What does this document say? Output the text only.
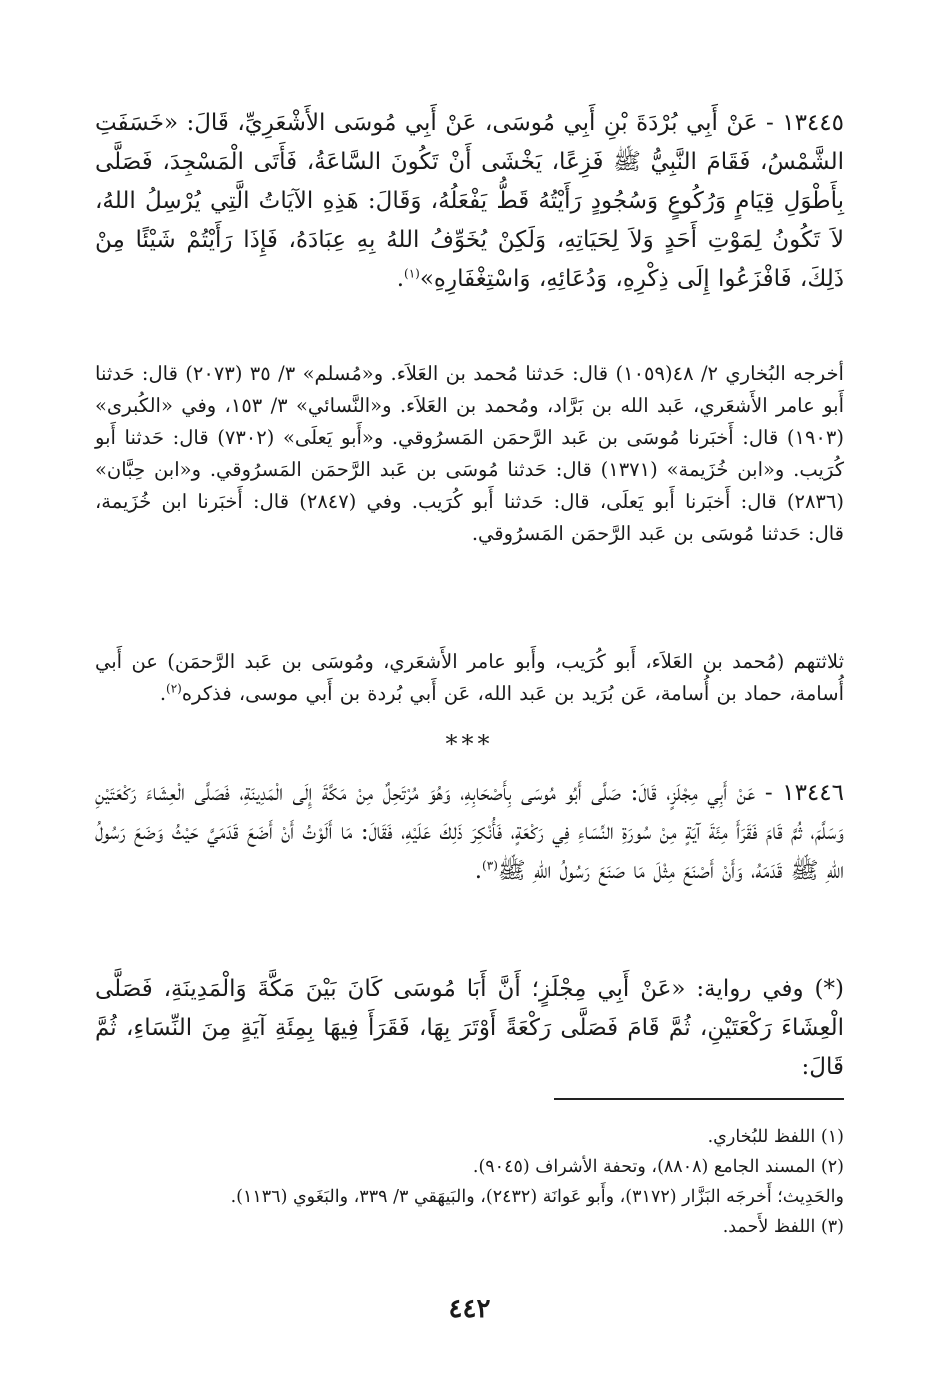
١٣٤٤٥ - عَنْ أَبِي بُرْدَةَ بْنِ أَبِي مُوسَى، عَنْ أَبِي مُوسَى الأَشْعَرِيِّ، قَالَ: «خَسَفَتِ الشَّمْسُ، فَقَامَ النَّبِيُّ ﷺ فَزِعًا، يَخْشَى أَنْ تَكُونَ السَّاعَةُ، فَأَتَى الْمَسْجِدَ، فَصَلَّى بِأَطْوَلِ قِيَامٍ وَرُكُوعٍ وَسُجُودٍ رَأَيْتُهُ قَطُّ يَفْعَلُهُ، وَقَالَ: هَذِهِ الآيَاتُ الَّتِي يُرْسِلُ اللهُ، لاَ تَكُونُ لِمَوْتِ أَحَدٍ وَلاَ لِحَيَاتِهِ، وَلَكِنْ يُخَوِّفُ اللهُ بِهِ عِبَادَهُ، فَإِذَا رَأَيْتُمْ شَيْئًا مِنْ ذَلِكَ، فَافْزَعُوا إِلَى ذِكْرِهِ، وَدُعَائِهِ، وَاسْتِغْفَارِهِ»$^{(١)}$.

أخرجه البُخاري ٢/ ٤٨(١٠٥٩) قال: حَدثنا مُحمد بن العَلاَء. و«مُسلم» ٣/ ٣٥ (٢٠٧٣) قال: حَدثنا أَبو عامر الأَشعَري، عَبد الله بن بَرَّاد، ومُحمد بن العَلاَء. و«النَّسائي» ٣/ ١٥٣، وفي «الكُبرى» (١٩٠٣) قال: أَخبَرنا مُوسَى بن عَبد الرَّحمَن المَسرُوقي. و«أَبو يَعلَى» (٧٣٠٢) قال: حَدثنا أَبو كُرَيب. و«ابن خُزَيمة» (١٣٧١) قال: حَدثنا مُوسَى بن عَبد الرَّحمَن المَسرُوقي. و«ابن حِبَّان» (٢٨٣٦) قال: أَخبَرنا أَبو يَعلَى، قال: حَدثنا أَبو كُرَيب. وفي (٢٨٤٧) قال: أَخبَرنا ابن خُزَيمة، قال: حَدثنا مُوسَى بن عَبد الرَّحمَن المَسرُوقي.

ثلاثتهم (مُحمد بن العَلاَء، أَبو كُرَيب، وأَبو عامر الأَشعَري، ومُوسَى بن عَبد الرَّحمَن) عن أَبي أُسامة، حماد بن أُسامة، عَن بُرَيد بن عَبد الله، عَن أَبي بُردة بن أَبي موسى، فذكره$^{(٢)}$.

***

١٣٤٤٦ - عَنْ أَبِي مِجْلَزٍ، قَالَ: صَلَّى أَبُو مُوسَى بِأَصْحَابِهِ، وَهُوَ مُرْتَحِلٌ مِنْ مَكَّةَ إِلَى الْمَدِينَةِ، فَصَلَّى الْعِشَاءَ رَكْعَتَيْنِ وَسَلَّمَ، ثُمَّ قَامَ فَقَرَأَ مِئَةَ آيَةٍ مِنْ سُورَةِ النِّسَاءِ فِي رَكْعَةٍ، فَأُنْكِرَ ذَلِكَ عَلَيْهِ، فَقَالَ: مَا أَلَوْتُ أَنْ أَضَعَ قَدَمَيَّ حَيْثُ وَضَعَ رَسُولُ اللهِ ﷺ قَدَمَهُ، وَأَنْ أَصْنَعَ مِثْلَ مَا صَنَعَ رَسُولُ اللهِ ﷺ$^{(٣)}$.

(*) وفي رواية: «عَنْ أَبِي مِجْلَزٍ؛ أَنَّ أَبَا مُوسَى كَانَ بَيْنَ مَكَّةَ وَالْمَدِينَةِ، فَصَلَّى الْعِشَاءَ رَكْعَتَيْنِ، ثُمَّ قَامَ فَصَلَّى رَكْعَةً أَوْتَرَ بِهَا، فَقَرَأَ فِيهَا بِمِئَةِ آيَةٍ مِنَ النِّسَاءِ، ثُمَّ قَالَ:

(١) اللفظ للبُخاري.
(٢) المسند الجامع (٨٨٠٨)، وتحفة الأشراف (٩٠٤٥).
والحَدِيث؛ أَخرجَه البَزَّار (٣١٧٢)، وأَبو عَوانَة (٢٤٣٢)، والبَيهَقي ٣/ ٣٣٩، والبَغَوي (١١٣٦).
(٣) اللفظ لأَحمد.
٤٤٢
